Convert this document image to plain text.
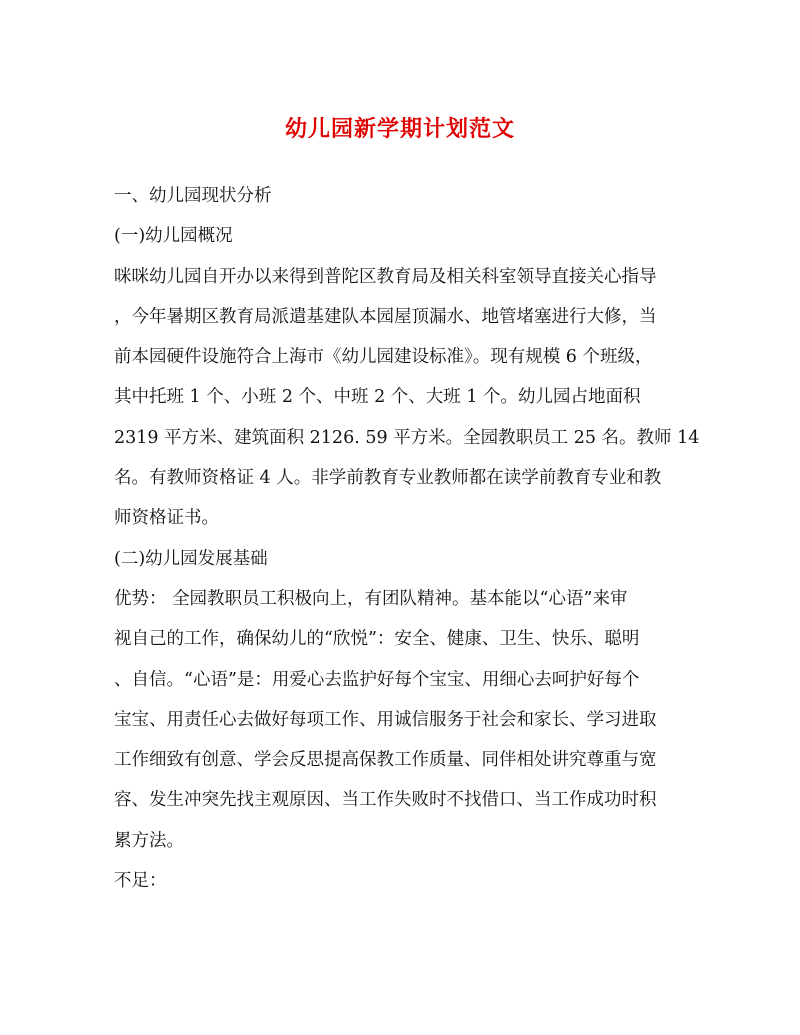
幼儿园新学期计划范文
一、幼儿园现状分析
(一)幼儿园概况
咪咪幼儿园自开办以来得到普陀区教育局及相关科室领导直接关心指导
，今年暑期区教育局派遣基建队本园屋顶漏水、地管堵塞进行大修，当
前本园硬件设施符合上海市《幼儿园建设标准》。现有规模 6 个班级，
其中托班 1 个、小班 2 个、中班 2 个、大班 1 个。幼儿园占地面积
2319 平方米、建筑面积 2126. 59 平方米。全园教职员工 25 名。教师 14
名。有教师资格证 4 人。非学前教育专业教师都在读学前教育专业和教
师资格证书。
(二)幼儿园发展基础
优势： 全园教职员工积极向上，有团队精神。基本能以“心语”来审
视自己的工作，确保幼儿的“欣悦”：安全、健康、卫生、快乐、聪明
、自信。“心语”是：用爱心去监护好每个宝宝、用细心去呵护好每个
宝宝、用责任心去做好每项工作、用诚信服务于社会和家长、学习进取
工作细致有创意、学会反思提高保教工作质量、同伴相处讲究尊重与宽
容、发生冲突先找主观原因、当工作失败时不找借口、当工作成功时积
累方法。
不足：
